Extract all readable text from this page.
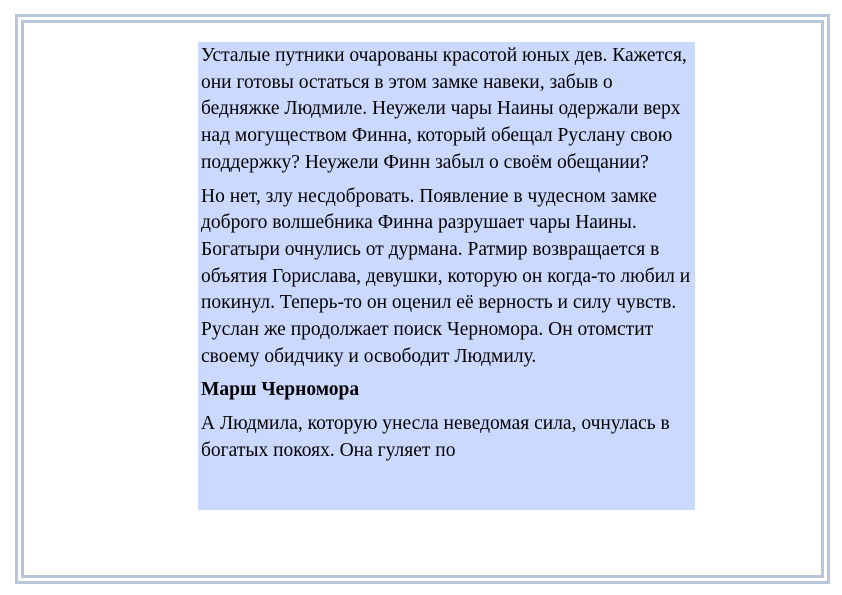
Усталые путники очарованы красотой юных дев. Кажется, они готовы остаться в этом замке навеки, забыв о бедняжке Людмиле. Неужели чары Наины одержали верх над могуществом Финна, который обещал Руслану свою поддержку? Неужели Финн забыл о своём обещании?

Но нет, злу несдобровать. Появление в чудесном замке доброго волшебника Финна разрушает чары Наины. Богатыри очнулись от дурмана. Ратмир возвращается в объятия Горислава, девушки, которую он когда-то любил и покинул. Теперь-то он оценил её верность и силу чувств. Руслан же продолжает поиск Черномора. Он отомстит своему обидчику и освободит Людмилу.

Марш Черномора

А Людмила, которую унесла неведомая сила, очнулась в богатых покоях. Она гуляет по
